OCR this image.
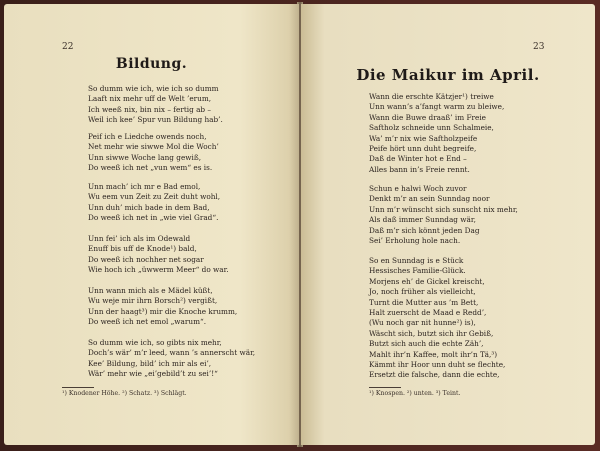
22
Bildung.
So dumm wie ich, wie ich so dumm
Laaft nix mehr uff de Welt ’erum,
Ich weeß nix, bin nix – fertig ab –
Weil ich kee’ Spur vun Bildung hab’.
Peif ich e Liedche owends noch,
Net mehr wie siwwe Mol die Woch’
Unn siwwe Woche lang gewiß,
Do weeß ich net „vun wem“ es is.
Unn mach’ ich mr e Bad emol,
Wu eem vun Zeit zu Zeit duht wohl,
Unn duh’ mich bade in dem Bad,
Do weeß ich net in „wie viel Grad“.
Unn fei’ ich als im Odewald
Enuff bis uff de Knode¹) bald,
Do weeß ich nochher net sogar
Wie hoch ich „üwwerm Meer“ do war.
Unn wann mich als e Mädel küßt,
Wu weje mir ihrn Borsch²) vergißt,
Unn der haagt³) mir die Knoche krumm,
Do weeß ich net emol „warum“.
So dumm wie ich, so gibts nix mehr,
Doch’s wär’ m’r leed, wann ’s annerscht wär,
Kee’ Bildung, bild’ ich mir als ei’,
Wär’ mehr wie „ei’gebild’t zu sei’!“
¹) Knodener Höhe. ²) Schatz. ³) Schlägt.
23
Die Maikur im April.
Wann die erschte Kätzjer¹) treiwe
Unn wann’s a’fangt warm zu bleiwe,
Wann die Buwe draaß’ im Freie
Saftholz schneide unn Schalmeie,
Wa’ m’r nix wie Saftholzpeife
Peife hört unn duht begreife,
Daß de Winter hot e End –
Alles bann in’s Freie rennt.
Schun e halwi Woch zuvor
Denkt m’r an sein Sunndag noor
Unn m’r wünscht sich sunscht nix mehr,
Als daß immer Sunndag wär,
Daß m’r sich könnt jeden Dag
Sei’ Erholung hole nach.
So en Sunndag is e Stück
Hessisches Familie-Glück.
Morjens eh’ de Gickel kreischt,
Jo, noch früher als vielleicht,
Turnt die Mutter aus ’m Bett,
Halt zuerscht de Maad e Redd’,
(Wu noch gar nit hunne²) is),
Wäscht sich, butzt sich ihr Gebiß,
Butzt sich auch die echte Zäh’,
Mahlt ihr’n Kaffee, molt ihr’n Tä,³)
Kämmt ihr Hoor unn duht se flechte,
Ersetzt die falsche, dann die echte,
¹) Knospen. ²) unten. ³) Teint.
